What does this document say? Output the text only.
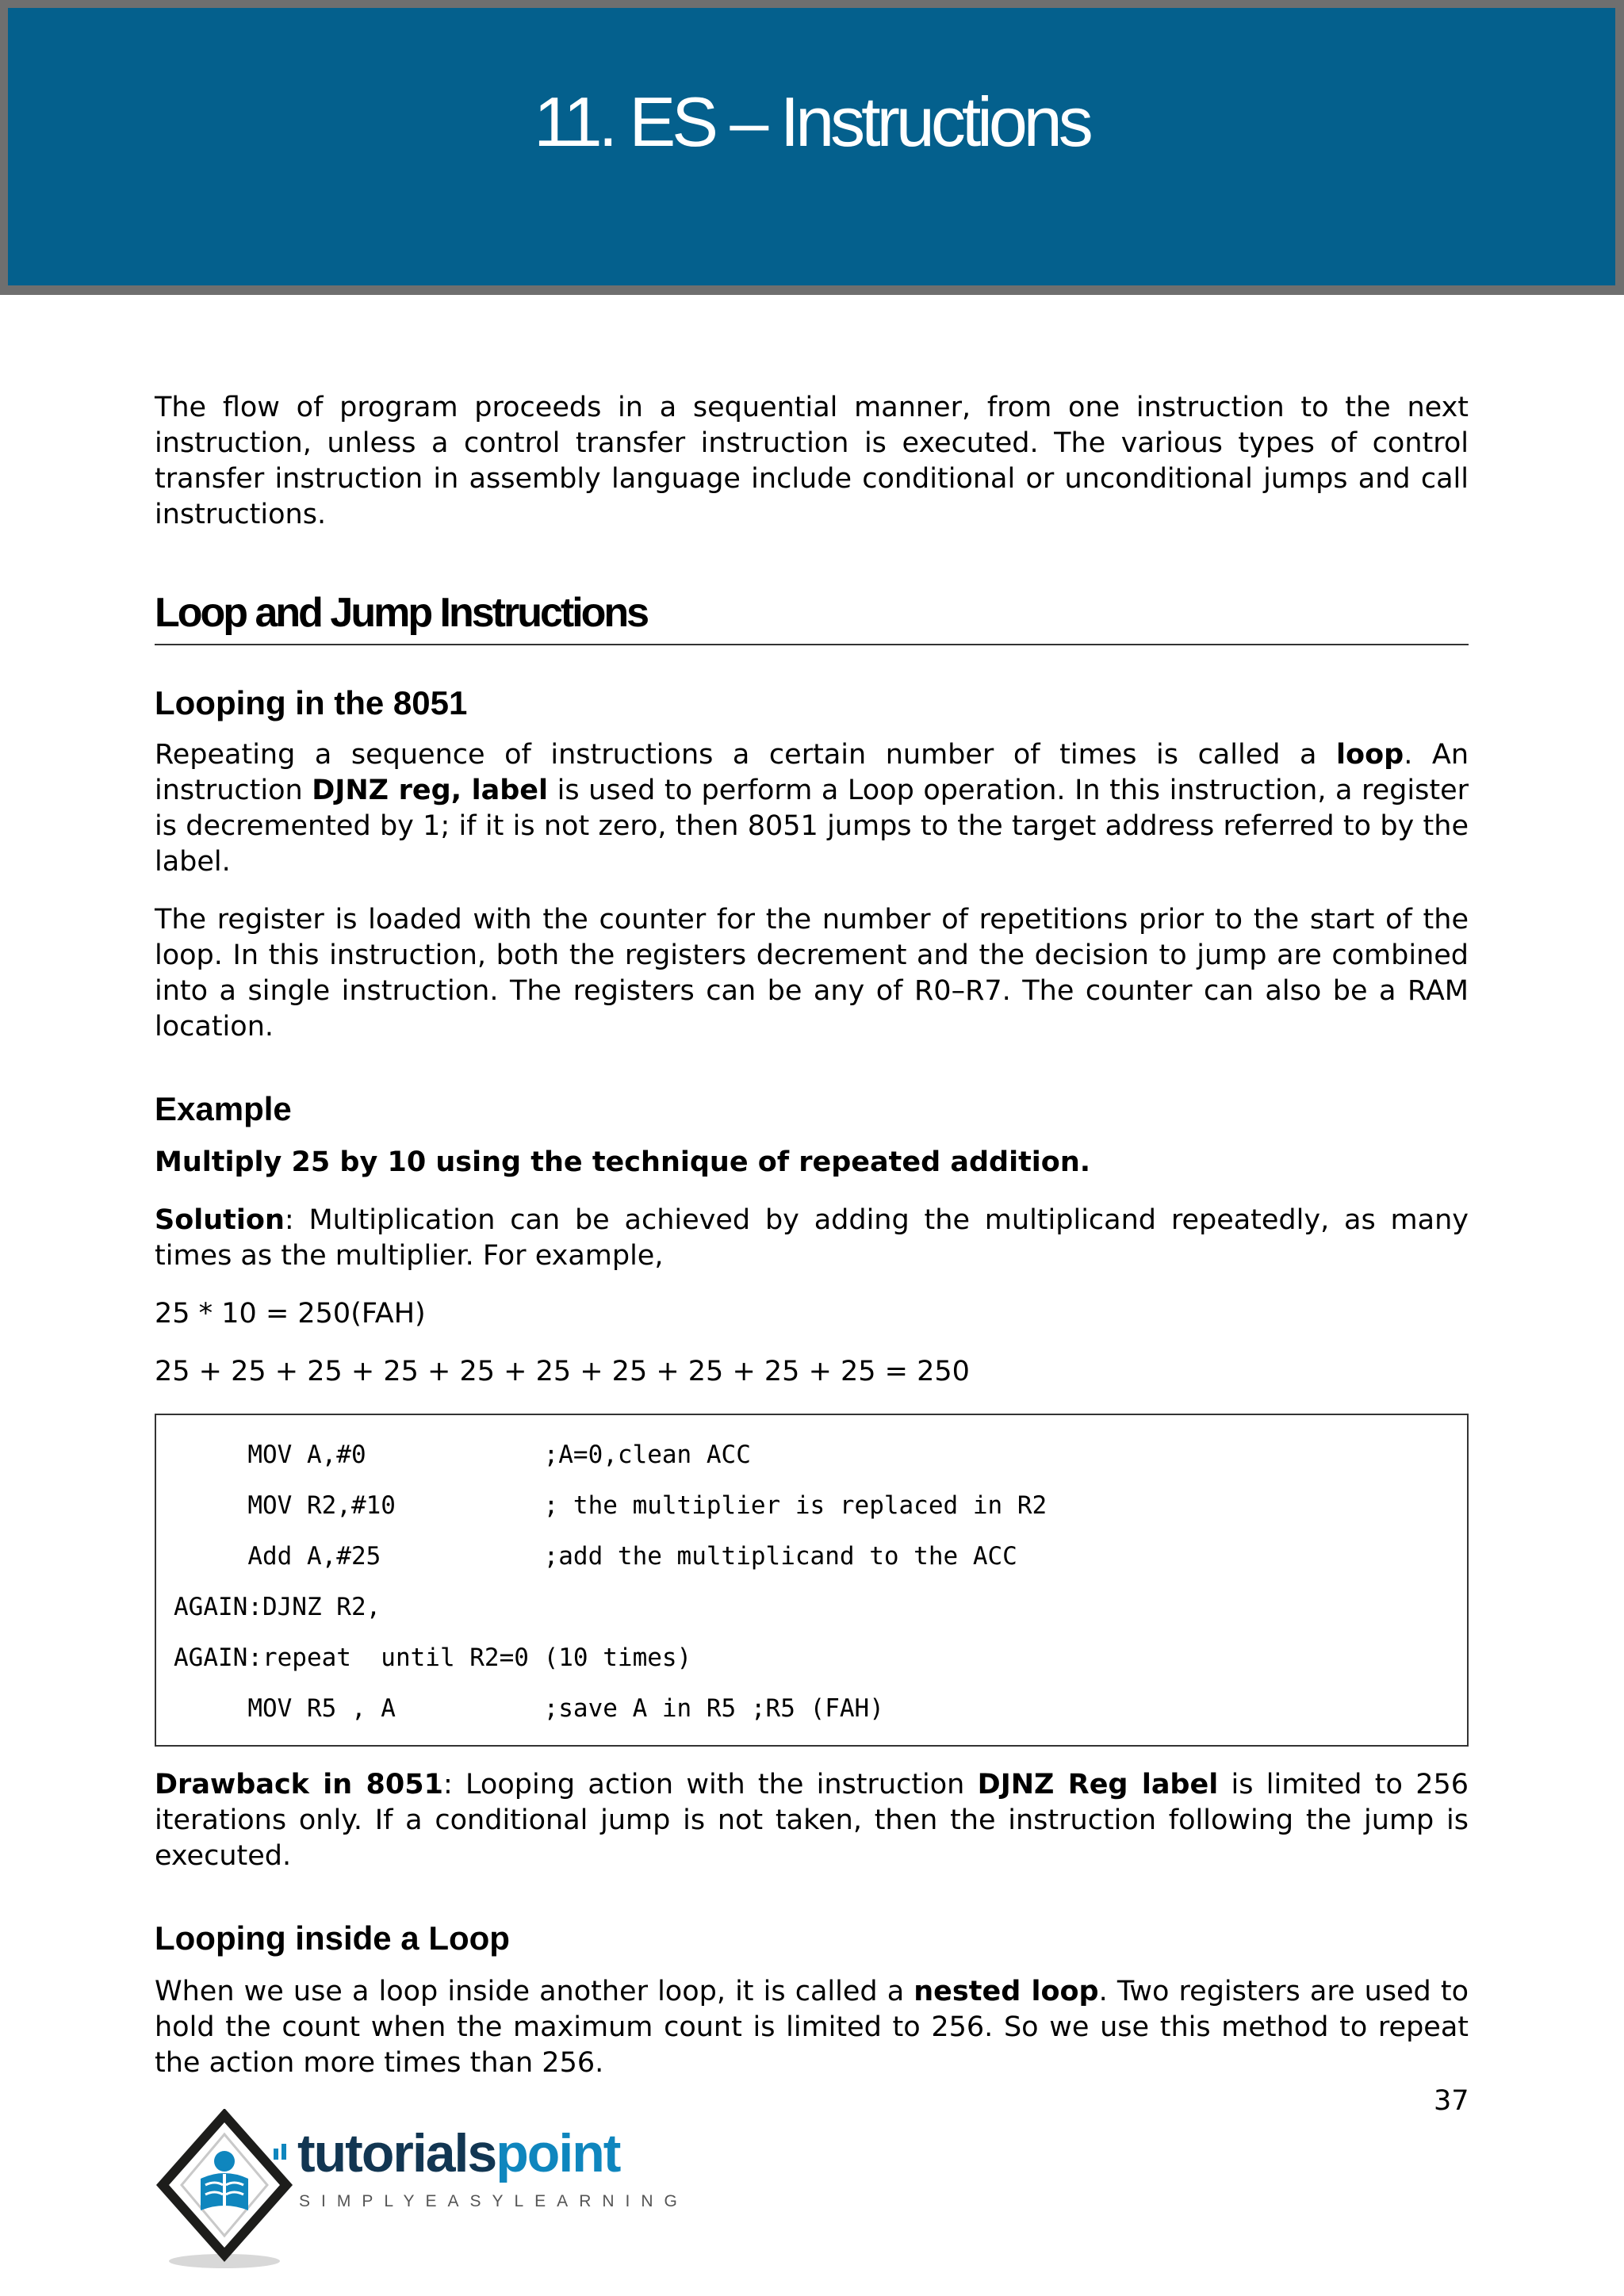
11. ES – Instructions

The flow of program proceeds in a sequential manner, from one instruction to the next instruction, unless a control transfer instruction is executed. The various types of control transfer instruction in assembly language include conditional or unconditional jumps and call instructions.

Loop and Jump Instructions
Looping in the 8051

Repeating a sequence of instructions a certain number of times is called a loop. An instruction DJNZ reg, label is used to perform a Loop operation. In this instruction, a register is decremented by 1; if it is not zero, then 8051 jumps to the target address referred to by the label.

The register is loaded with the counter for the number of repetitions prior to the start of the loop. In this instruction, both the registers decrement and the decision to jump are combined into a single instruction. The registers can be any of R0–R7. The counter can also be a RAM location.

Example

Multiply 25 by 10 using the technique of repeated addition.

Solution: Multiplication can be achieved by adding the multiplicand repeatedly, as many times as the multiplier. For example,

25 * 10 = 250(FAH)

25 + 25 + 25 + 25 + 25 + 25 + 25 + 25 + 25 + 25 = 250

MOV A,#0            ;A=0,clean ACC
MOV R2,#10          ; the multiplier is replaced in R2
Add A,#25           ;add the multiplicand to the ACC
AGAIN:DJNZ R2,
AGAIN:repeat  until R2=0 (10 times)
MOV R5 , A          ;save A in R5 ;R5 (FAH)

Drawback in 8051: Looping action with the instruction DJNZ Reg label is limited to 256 iterations only. If a conditional jump is not taken, then the instruction following the jump is executed.

Looping inside a Loop

When we use a loop inside another loop, it is called a nested loop. Two registers are used to hold the count when the maximum count is limited to 256. So we use this method to repeat the action more times than 256.

37
tutorialspoint
SIMPLYEASYLEARNING
